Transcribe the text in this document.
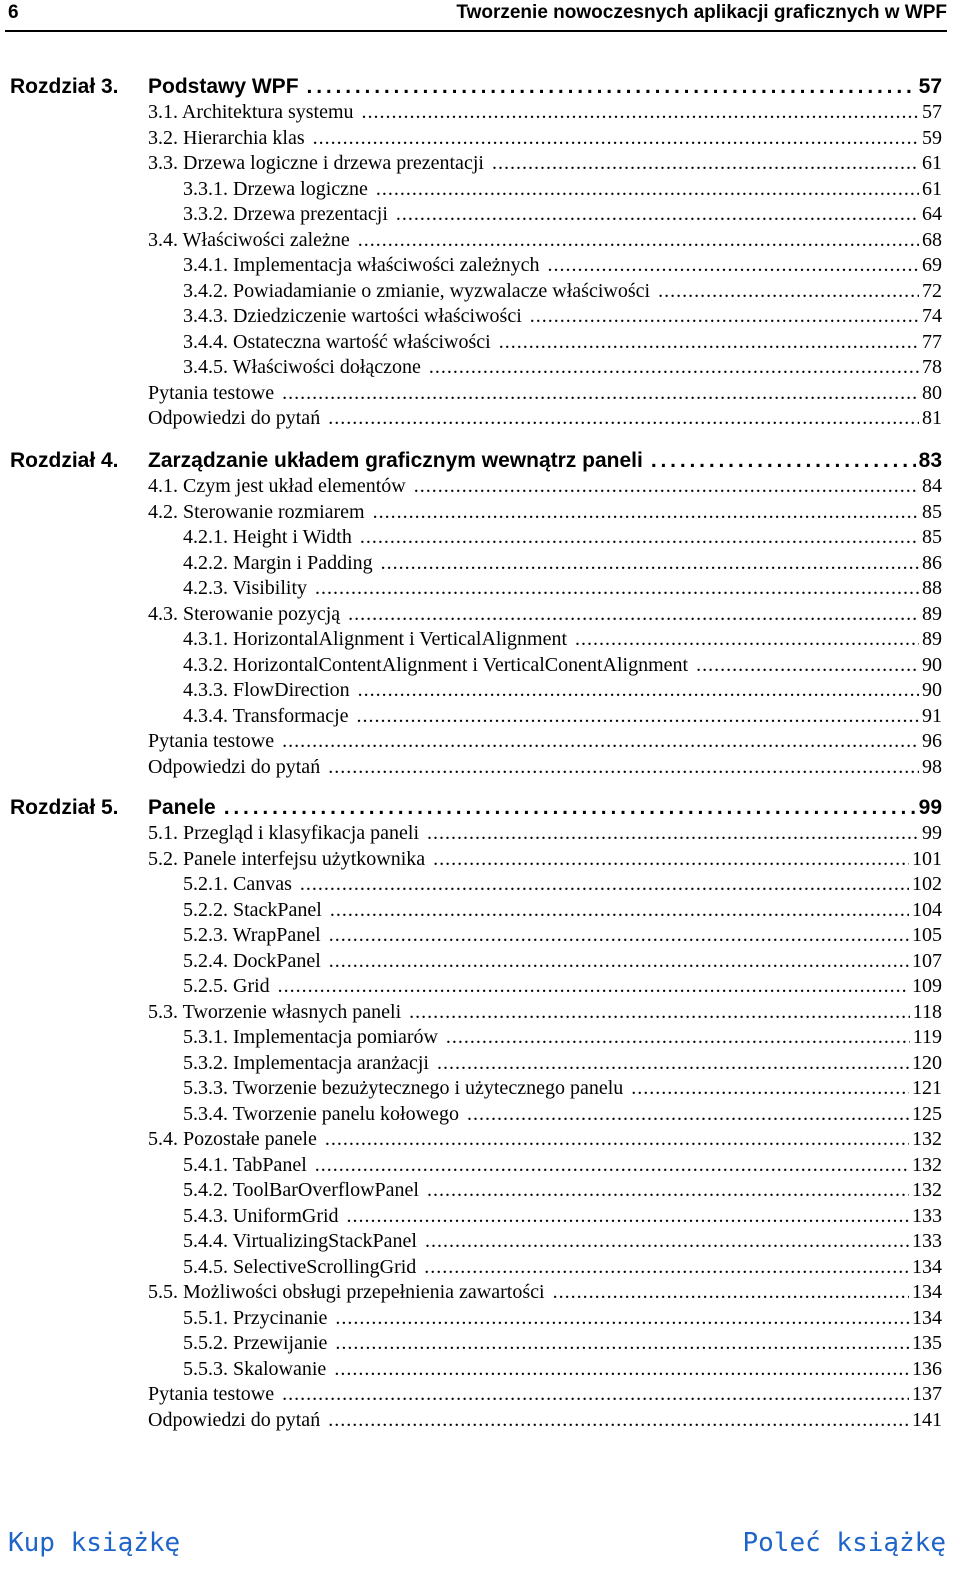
6	Tworzenie nowoczesnych aplikacji graficznych w WPF
Rozdział 3. Podstawy WPF . . .	57
3.1. Architektura systemu . . .	57
3.2. Hierarchia klas . . .	59
3.3. Drzewa logiczne i drzewa prezentacji . . .	61
3.3.1. Drzewa logiczne . . .	61
3.3.2. Drzewa prezentacji . . .	64
3.4. Właściwości zależne . . .	68
3.4.1. Implementacja właściwości zależnych . . .	69
3.4.2. Powiadamianie o zmianie, wyzwalacze właściwości . . .	72
3.4.3. Dziedziczenie wartości właściwości . . .	74
3.4.4. Ostateczna wartość właściwości . . .	77
3.4.5. Właściwości dołączone . . .	78
Pytania testowe . . .	80
Odpowiedzi do pytań . . .	81
Rozdział 4. Zarządzanie układem graficznym wewnątrz paneli . . .	83
4.1. Czym jest układ elementów . . .	84
4.2. Sterowanie rozmiarem . . .	85
4.2.1. Height i Width . . .	85
4.2.2. Margin i Padding . . .	86
4.2.3. Visibility . . .	88
4.3. Sterowanie pozycją . . .	89
4.3.1. HorizontalAlignment i VerticalAlignment . . .	89
4.3.2. HorizontalContentAlignment i VerticalConentAlignment . . .	90
4.3.3. FlowDirection . . .	90
4.3.4. Transformacje . . .	91
Pytania testowe . . .	96
Odpowiedzi do pytań . . .	98
Rozdział 5. Panele . . .	99
5.1. Przegląd i klasyfikacja paneli . . .	99
5.2. Panele interfejsu użytkownika . . .	101
5.2.1. Canvas . . .	102
5.2.2. StackPanel . . .	104
5.2.3. WrapPanel . . .	105
5.2.4. DockPanel . . .	107
5.2.5. Grid . . .	109
5.3. Tworzenie własnych paneli . . .	118
5.3.1. Implementacja pomiarów . . .	119
5.3.2. Implementacja aranżacji . . .	120
5.3.3. Tworzenie bezużytecznego i użytecznego panelu . . .	121
5.3.4. Tworzenie panelu kołowego . . .	125
5.4. Pozostałe panele . . .	132
5.4.1. TabPanel . . .	132
5.4.2. ToolBarOverflowPanel . . .	132
5.4.3. UniformGrid . . .	133
5.4.4. VirtualizingStackPanel . . .	133
5.4.5. SelectiveScrollingGrid . . .	134
5.5. Możliwości obsługi przepełnienia zawartości . . .	134
5.5.1. Przycinanie . . .	134
5.5.2. Przewijanie . . .	135
5.5.3. Skalowanie . . .	136
Pytania testowe . . .	137
Odpowiedzi do pytań . . .	141
Kup książkę	Poleć książkę
